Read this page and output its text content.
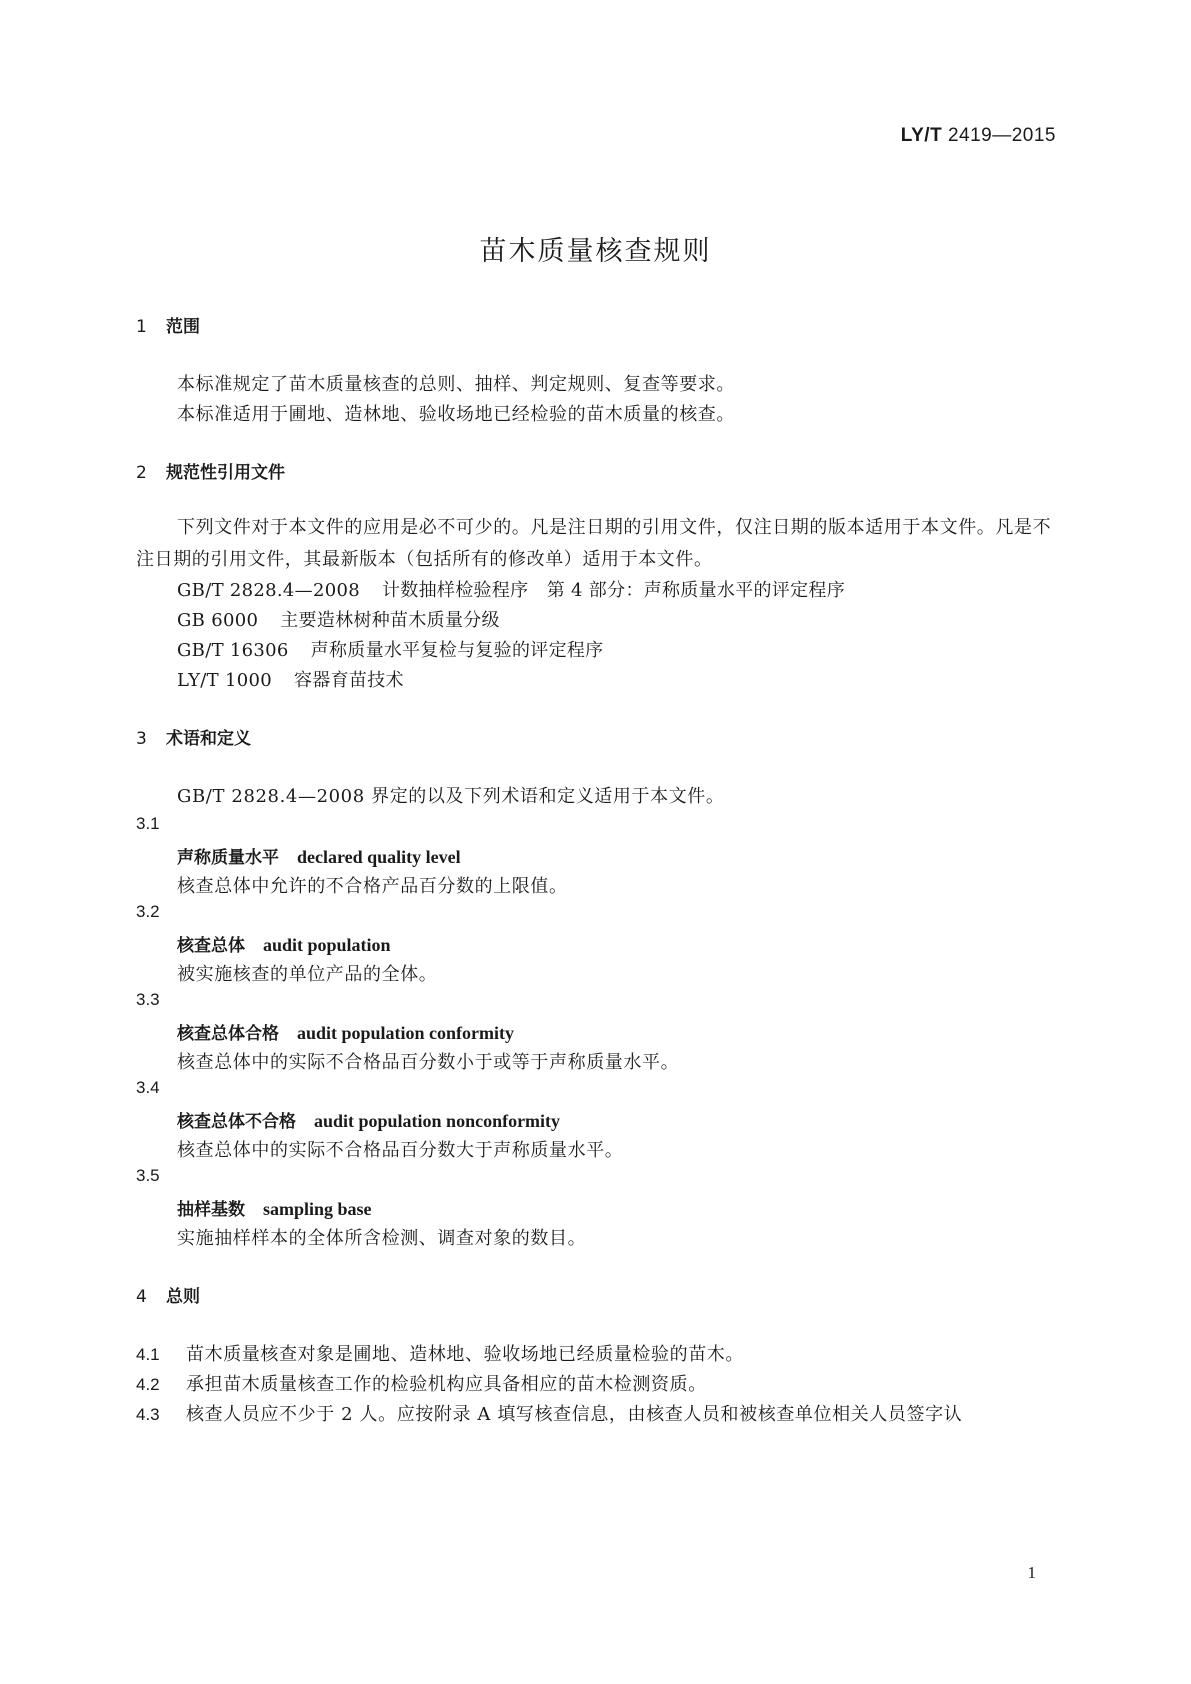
LY/T 2419—2015
苗木质量核查规则
1 范围
本标准规定了苗木质量核查的总则、抽样、判定规则、复查等要求。
本标准适用于圃地、造林地、验收场地已经检验的苗木质量的核查。
2 规范性引用文件
下列文件对于本文件的应用是必不可少的。凡是注日期的引用文件，仅注日期的版本适用于本文件。凡是不注日期的引用文件，其最新版本（包括所有的修改单）适用于本文件。
GB/T 2828.4—2008 计数抽样检验程序　第 4 部分：声称质量水平的评定程序
GB 6000 主要造林树种苗木质量分级
GB/T 16306 声称质量水平复检与复验的评定程序
LY/T 1000 容器育苗技术
3 术语和定义
GB/T 2828.4—2008 界定的以及下列术语和定义适用于本文件。
3.1
声称质量水平 declared quality level
核查总体中允许的不合格产品百分数的上限值。
3.2
核查总体 audit population
被实施核查的单位产品的全体。
3.3
核查总体合格 audit population conformity
核查总体中的实际不合格品百分数小于或等于声称质量水平。
3.4
核查总体不合格 audit population nonconformity
核查总体中的实际不合格品百分数大于声称质量水平。
3.5
抽样基数 sampling base
实施抽样样本的全体所含检测、调查对象的数目。
4 总则
4.1 苗木质量核查对象是圃地、造林地、验收场地已经质量检验的苗木。
4.2 承担苗木质量核查工作的检验机构应具备相应的苗木检测资质。
4.3 核查人员应不少于 2 人。应按附录 A 填写核查信息，由核查人员和被核查单位相关人员签字认
1
